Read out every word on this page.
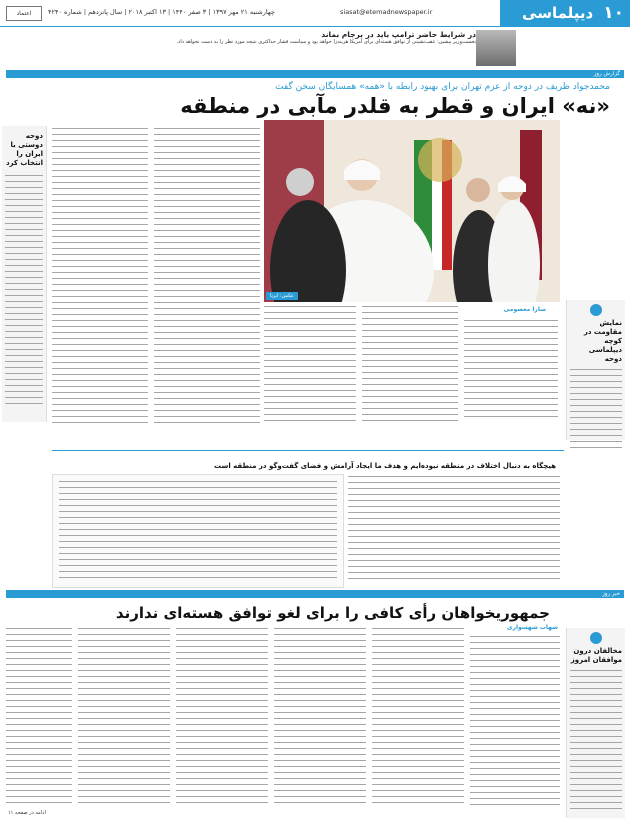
۱۰
دیپلماسی
siasat@etemadnewspaper.ir
چهارشنبه ۲۱ مهر ۱۳۹۷ | ۳ صفر ۱۴۴۰ | ۱۳ اکتبر ۲۰۱۸ | سال پانزدهم | شماره ۴۲۴۰
اعتماد
در شرایط حاضر ترامپ باید در برجام بماند
نخست‌وزیر پیشین: عقب‌نشینی از توافق هسته‌ای برای آمریکا هزینه‌زا خواهد بود و سیاست فشار حداکثری نتیجه مورد نظر را به دست نخواهد داد.
گزارش روز
محمدجواد ظریف در دوحه از عزم تهران برای بهبود رابطه با «همه» همسایگان سخن گفت
«نه» ایران و قطر به قلدر مآبی در منطقه
دوحه دوستی با ایران را انتخاب کرد
عکس: ایرنا
سارا معصومی
نمایش مقاومت در کوچه دیپلماسی دوحه
هیچگاه به دنبال اختلاف در منطقه نبوده‌ایم و هدف ما ایجاد آرامش و فضای گفت‌وگو در منطقه است
خبر روز
جمهوریخواهان رأی کافی را برای لغو توافق هسته‌ای ندارند
شهاب شهسواری
مخالفان درون موافقان امروز
ادامه در صفحه ۱۱
